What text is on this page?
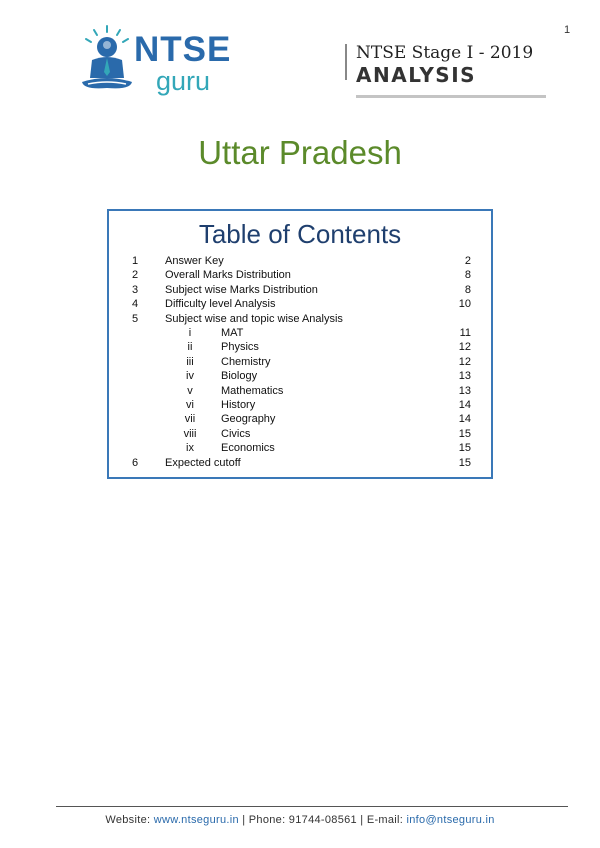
1
NTSE
guru
NTSE Stage I - 2019
ANALYSIS
Uttar Pradesh
Table of Contents
1	Answer Key	2
2	Overall Marks Distribution	8
3	Subject wise Marks Distribution	8
4	Difficulty level Analysis	10
5	Subject wise and topic wise Analysis
i	MAT	11
ii	Physics	12
iii	Chemistry	12
iv	Biology	13
v	Mathematics	13
vi	History	14
vii	Geography	14
viii	Civics	15
ix	Economics	15
6	Expected cutoff	15
Website: www.ntseguru.in | Phone: 91744-08561 | E-mail: info@ntseguru.in
